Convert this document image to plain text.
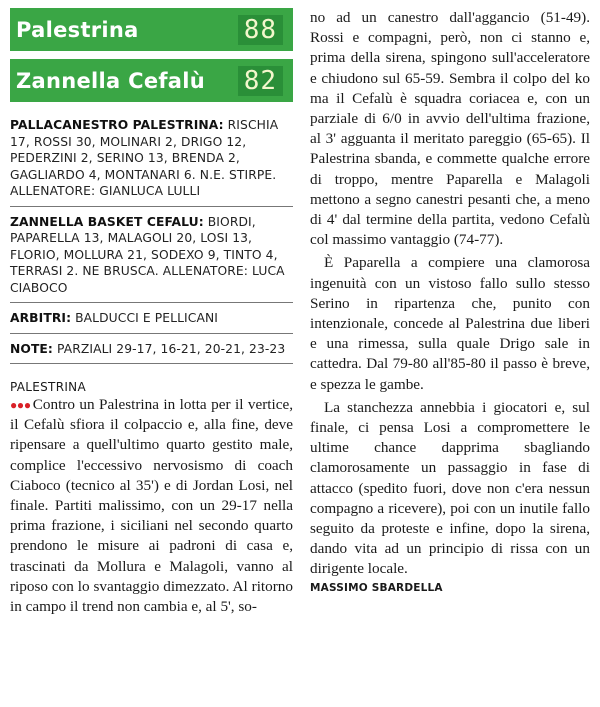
Palestrina	88
Zannella Cefalù 82
PALLACANESTRO PALESTRINA: RISCHIA 17, ROSSI 30, MOLINARI 2, DRIGO 12, PEDERZINI 2, SERINO 13, BRENDA 2, GAGLIARDO 4, MONTANARI 6. N.E. STIRPE. ALLENATORE: GIANLUCA LULLI
ZANNELLA BASKET CEFALU: BIORDI, PAPARELLA 13, MALAGOLI 20, LOSI 13, FLORIO, MOLLURA 21, SODEXO 9, TINTO 4, TERRASI 2. NE BRUSCA. ALLENATORE: LUCA CIABOCO
ARBITRI: BALDUCCI E PELLICANI
NOTE: PARZIALI 29-17, 16-21, 20-21, 23-23
PALESTRINA

●●● Contro un Palestrina in lotta per il vertice, il Cefalù sfiora il colpaccio e, alla fine, deve ripensare a quell'ultimo quarto gestito male, complice l'eccessivo nervosismo di coach Ciaboco (tecnico al 35') e di Jordan Losi, nel finale. Partiti malissimo, con un 29-17 nella prima frazione, i siciliani nel secondo quarto prendono le misure ai padroni di casa e, trascinati da Mollura e Malagoli, vanno al riposo con lo svantaggio dimezzato. Al ritorno in campo il trend non cambia e, al 5', so-

no ad un canestro dall'aggancio (51-49). Rossi e compagni, però, non ci stanno e, prima della sirena, spingono sull'acceleratore e chiudono sul 65-59. Sembra il colpo del ko ma il Cefalù è squadra coriacea e, con un parziale di 6/0 in avvio dell'ultima frazione, al 3' agguanta il meritato pareggio (65-65). Il Palestrina sbanda, e commette qualche errore di troppo, mentre Paparella e Malagoli mettono a segno canestri pesanti che, a meno di 4' dal termine della partita, vedono Cefalù col massimo vantaggio (74-77).

È Paparella a compiere una clamorosa ingenuità con un vistoso fallo sullo stesso Serino in ripartenza che, punito con intenzionale, concede al Palestrina due liberi e una rimessa, sulla quale Drigo sale in cattedra. Dal 79-80 all'85-80 il passo è breve, e spezza le gambe.

La stanchezza annebbia i giocatori e, sul finale, ci pensa Losi a compromettere le ultime chance dapprima sbagliando clamorosamente un passaggio in fase di attacco (spedito fuori, dove non c'era nessun compagno a ricevere), poi con un inutile fallo seguito da proteste e infine, dopo la sirena, dando vita ad un principio di rissa con un dirigente locale.

MASSIMO SBARDELLA
